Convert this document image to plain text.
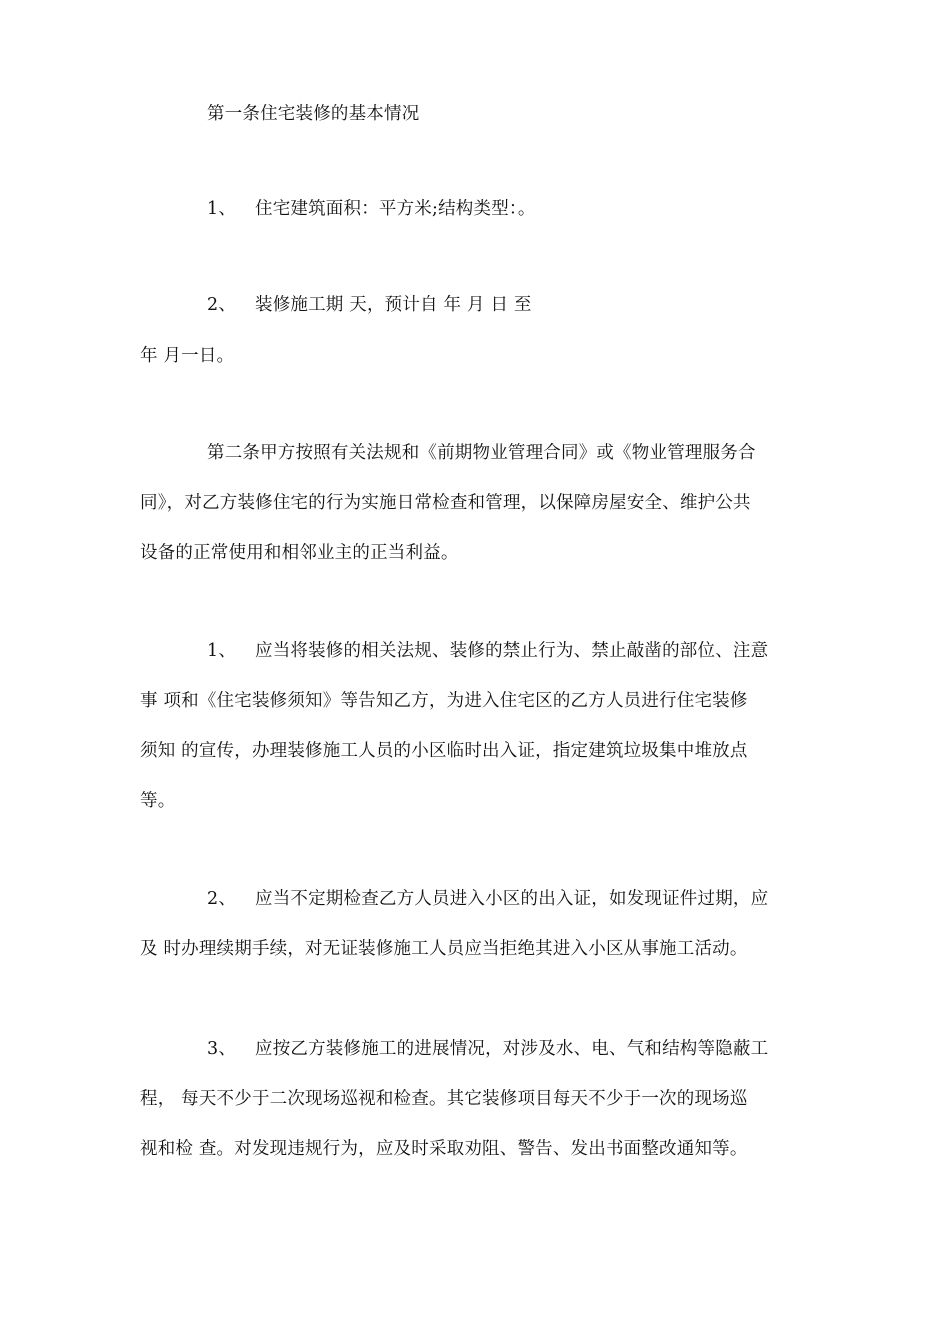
第一条住宅装修的基本情况
1、 住宅建筑面积：平方米;结构类型：。
2、 装修施工期 天，预计自 年 月 日 至
年 月一日。
第二条甲方按照有关法规和《前期物业管理合同》或《物业管理服务合
同》，对乙方装修住宅的行为实施日常检查和管理，以保障房屋安全、维护公共
设备的正常使用和相邻业主的正当利益。
1、 应当将装修的相关法规、装修的禁止行为、禁止敲凿的部位、注意
事 项和《住宅装修须知》等告知乙方，为进入住宅区的乙方人员进行住宅装修
须知 的宣传，办理装修施工人员的小区临时出入证，指定建筑垃圾集中堆放点
等。
2、 应当不定期检查乙方人员进入小区的出入证，如发现证件过期，应
及 时办理续期手续，对无证装修施工人员应当拒绝其进入小区从事施工活动。
3、 应按乙方装修施工的进展情况，对涉及水、电、气和结构等隐蔽工
程， 每天不少于二次现场巡视和检查。其它装修项目每天不少于一次的现场巡
视和检 查。对发现违规行为，应及时采取劝阻、警告、发出书面整改通知等。
